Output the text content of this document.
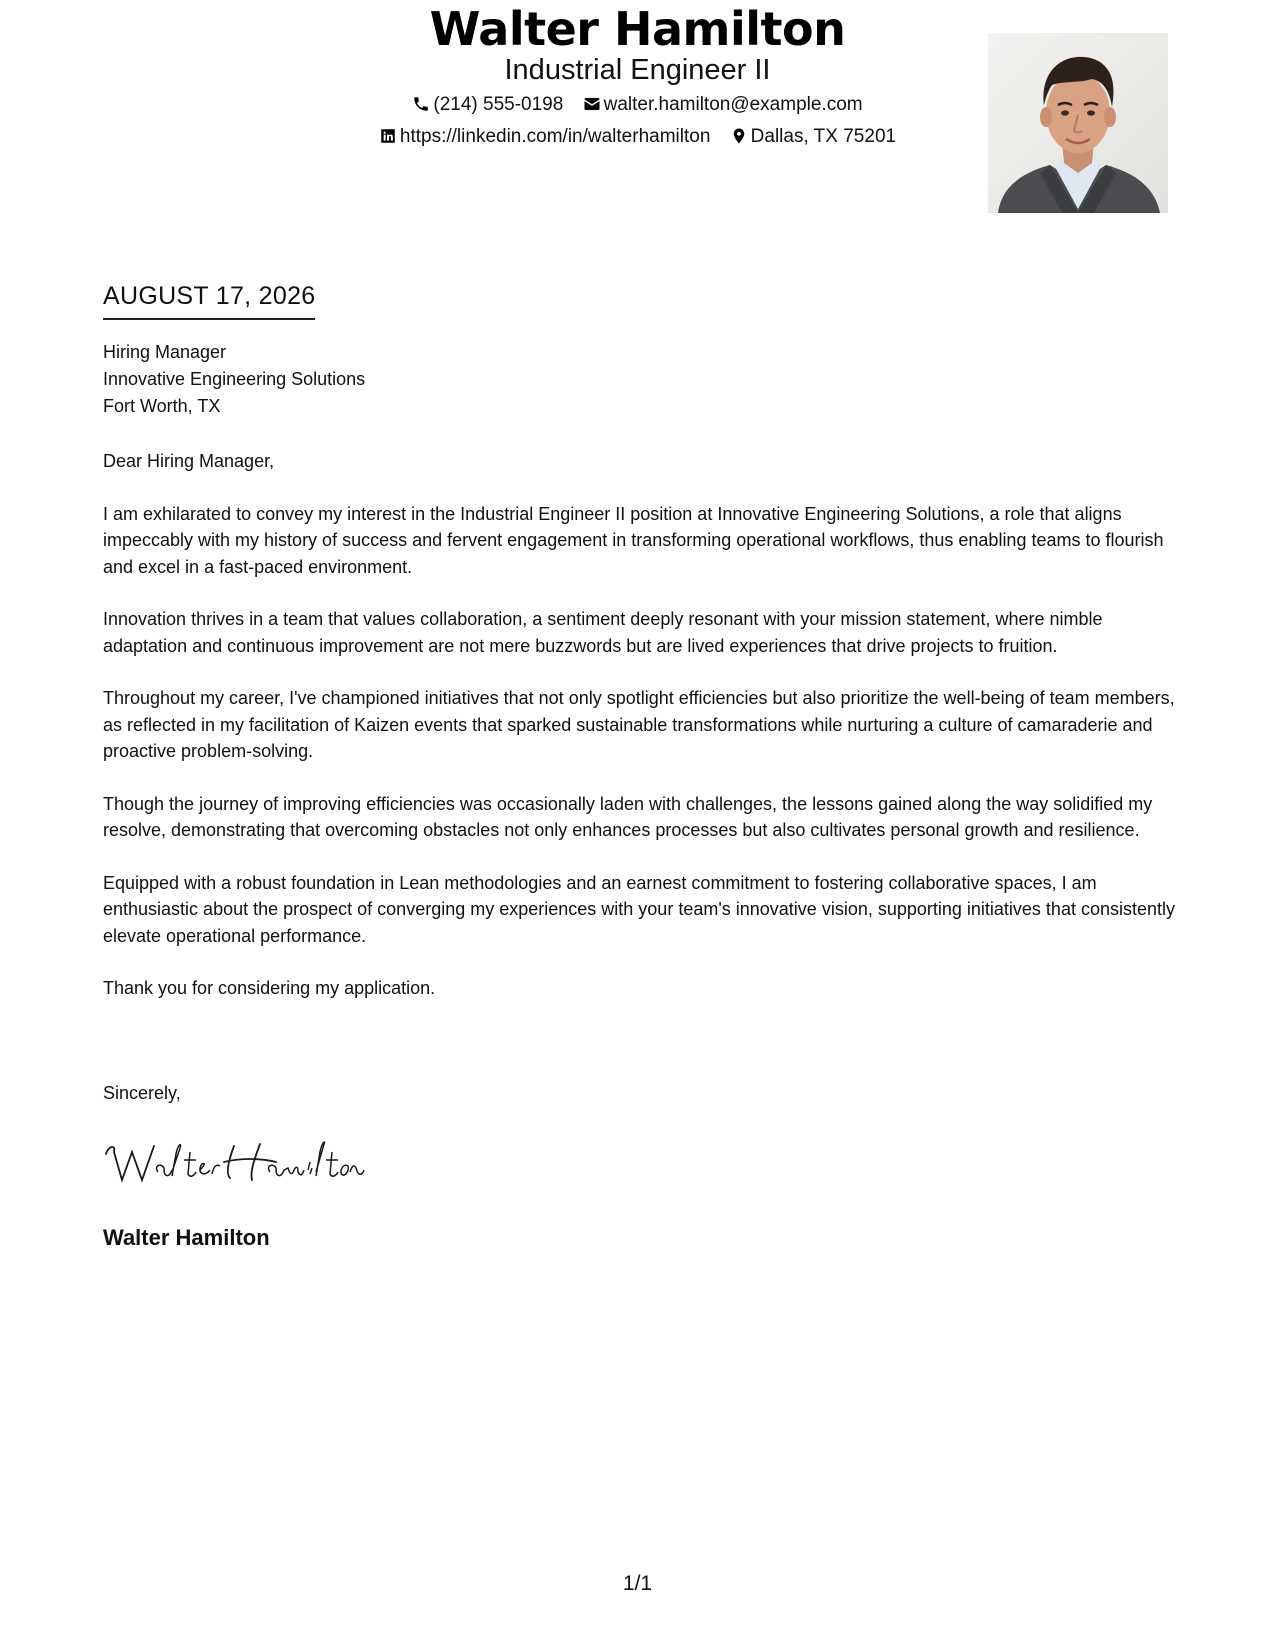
Walter Hamilton
Industrial Engineer II
(214) 555-0198 walter.hamilton@example.com
https://linkedin.com/in/walterhamilton Dallas, TX 75201
AUGUST 17, 2026
Hiring Manager
Innovative Engineering Solutions
Fort Worth, TX

Dear Hiring Manager,

I am exhilarated to convey my interest in the Industrial Engineer II position at Innovative Engineering Solutions, a role that aligns impeccably with my history of success and fervent engagement in transforming operational workflows, thus enabling teams to flourish and excel in a fast-paced environment.

Innovation thrives in a team that values collaboration, a sentiment deeply resonant with your mission statement, where nimble adaptation and continuous improvement are not mere buzzwords but are lived experiences that drive projects to fruition.

Throughout my career, I've championed initiatives that not only spotlight efficiencies but also prioritize the well-being of team members, as reflected in my facilitation of Kaizen events that sparked sustainable transformations while nurturing a culture of camaraderie and proactive problem-solving.

Though the journey of improving efficiencies was occasionally laden with challenges, the lessons gained along the way solidified my resolve, demonstrating that overcoming obstacles not only enhances processes but also cultivates personal growth and resilience.

Equipped with a robust foundation in Lean methodologies and an earnest commitment to fostering collaborative spaces, I am enthusiastic about the prospect of converging my experiences with your team's innovative vision, supporting initiatives that consistently elevate operational performance.

Thank you for considering my application.

Sincerely,
Walter Hamilton
1/1
